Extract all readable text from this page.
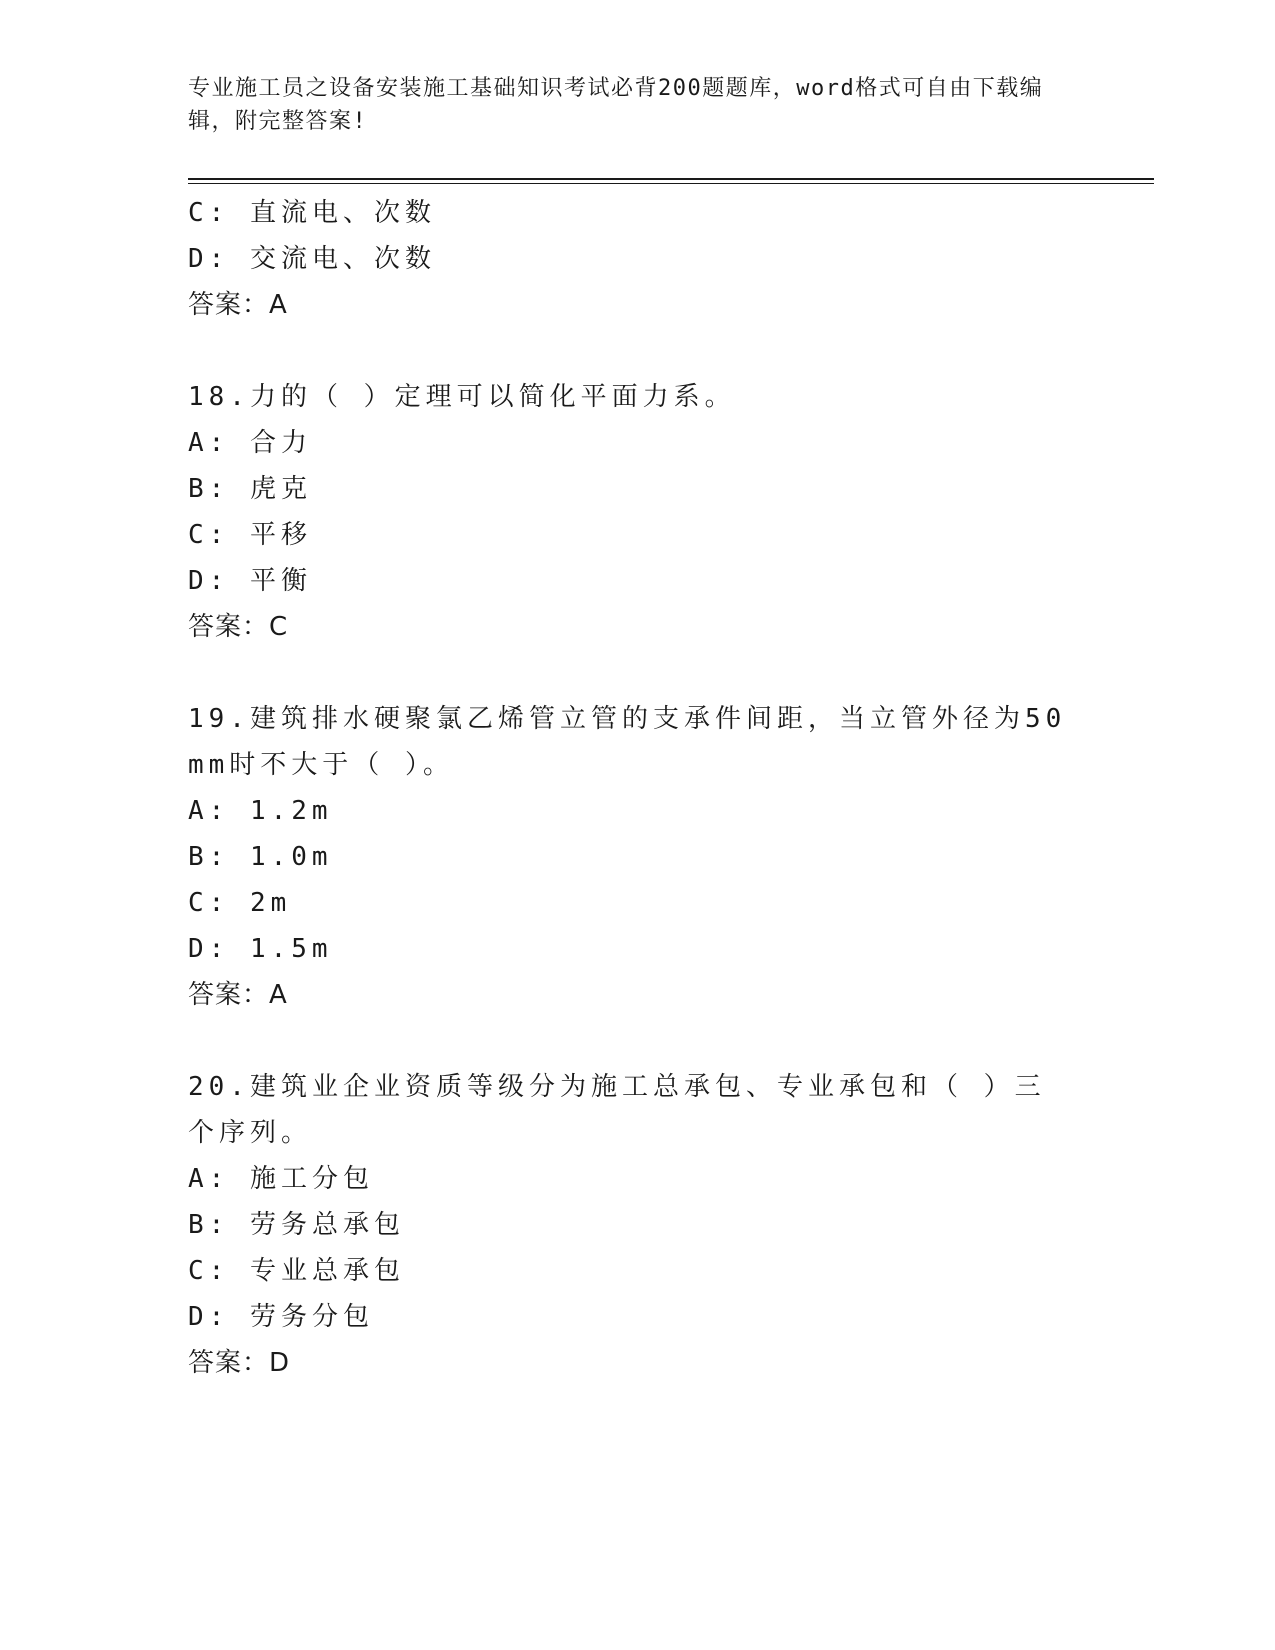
专业施工员之设备安装施工基础知识考试必背200题题库，word格式可自由下载编辑，附完整答案!
C: 直流电、次数
D: 交流电、次数
答案：A
18.力的（ ）定理可以简化平面力系。
A: 合力
B: 虎克
C: 平移
D: 平衡
答案：C
19.建筑排水硬聚氯乙烯管立管的支承件间距，当立管外径为50mm时不大于（ ）。
A: 1.2m
B: 1.0m
C: 2m
D: 1.5m
答案：A
20.建筑业企业资质等级分为施工总承包、专业承包和（ ）三个序列。
A: 施工分包
B: 劳务总承包
C: 专业总承包
D: 劳务分包
答案：D
